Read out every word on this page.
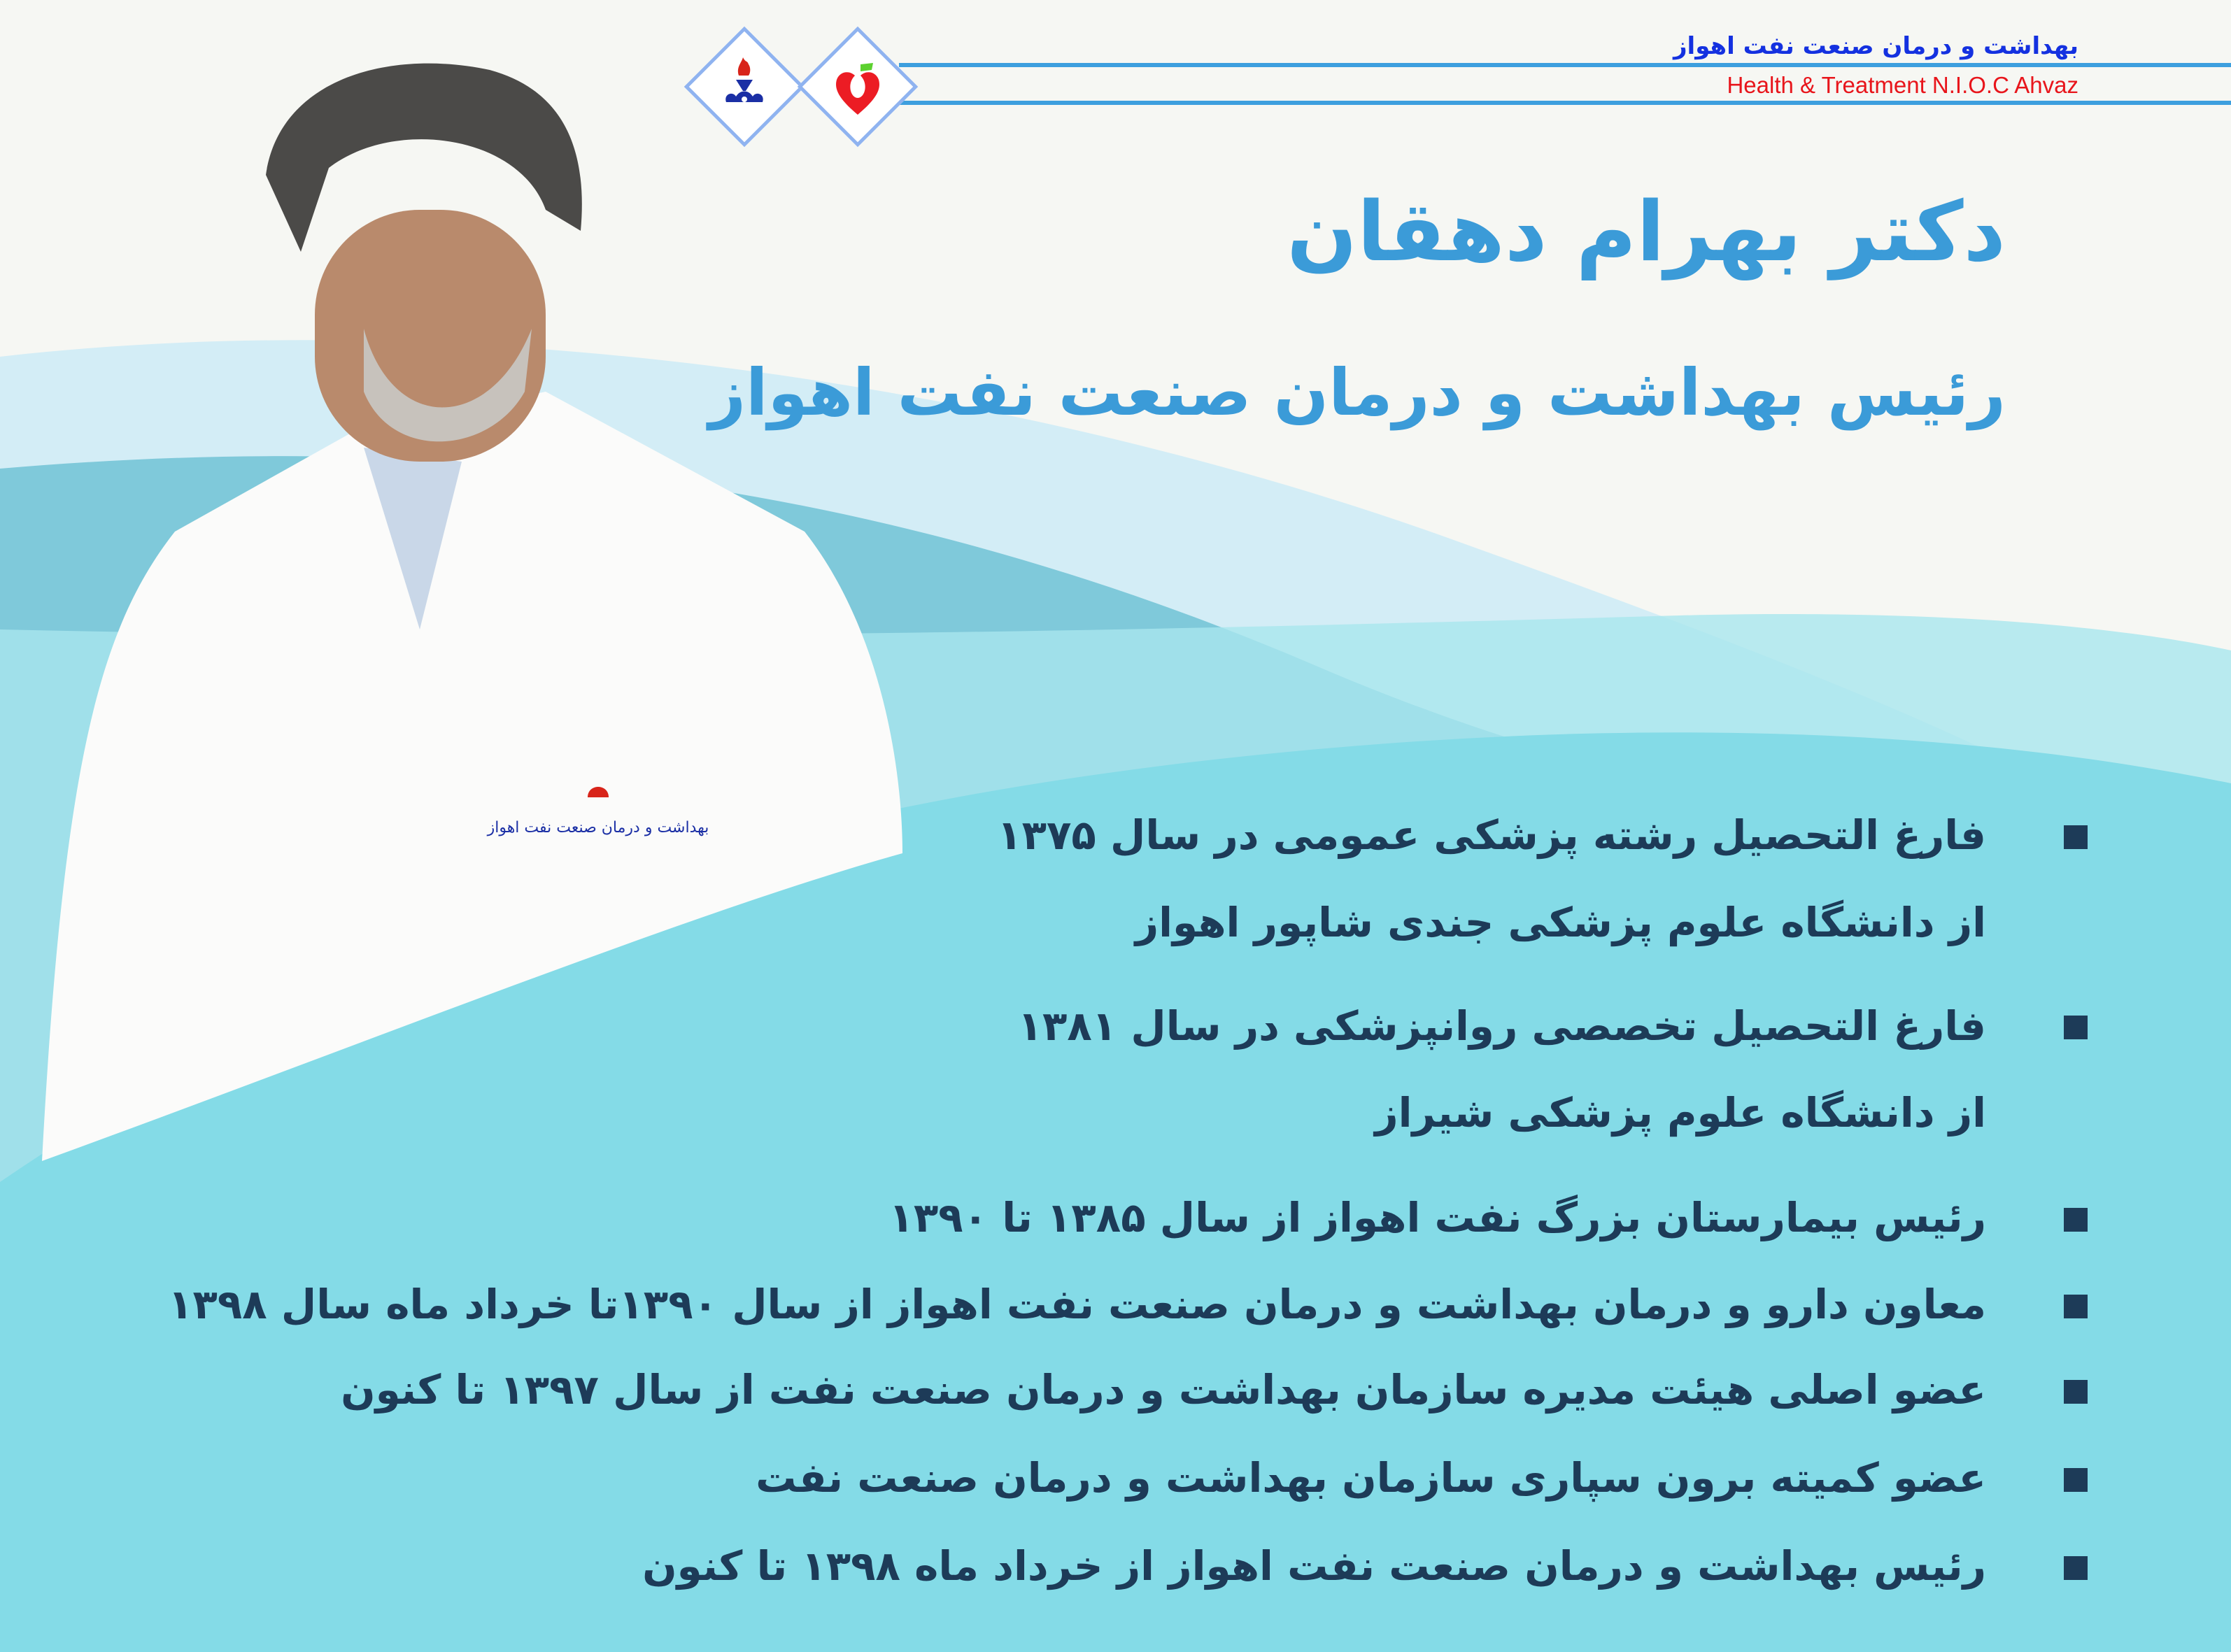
بهداشت و درمان صنعت نفت اهواز
بهداشت و درمان صنعت نفت اهواز
Health & Treatment N.I.O.C Ahvaz
دکتر بهرام دهقان
رئیس بهداشت و درمان صنعت نفت اهواز
فارغ التحصیل رشته پزشکی عمومی در سال ۱۳۷۵
از دانشگاه علوم پزشکی جندی شاپور اهواز
فارغ التحصیل تخصصی روانپزشکی در سال ۱۳۸۱
از دانشگاه علوم پزشکی شیراز
رئیس بیمارستان بزرگ نفت اهواز از سال ۱۳۸۵ تا ۱۳۹۰
معاون دارو و درمان بهداشت و درمان صنعت نفت اهواز از سال ۱۳۹۰تا خرداد ماه سال ۱۳۹۸
عضو اصلی هیئت مدیره سازمان بهداشت و درمان صنعت نفت از سال ۱۳۹۷ تا کنون
عضو کمیته برون سپاری سازمان بهداشت و درمان صنعت نفت
رئیس بهداشت و درمان صنعت نفت اهواز از خرداد ماه ۱۳۹۸ تا کنون
